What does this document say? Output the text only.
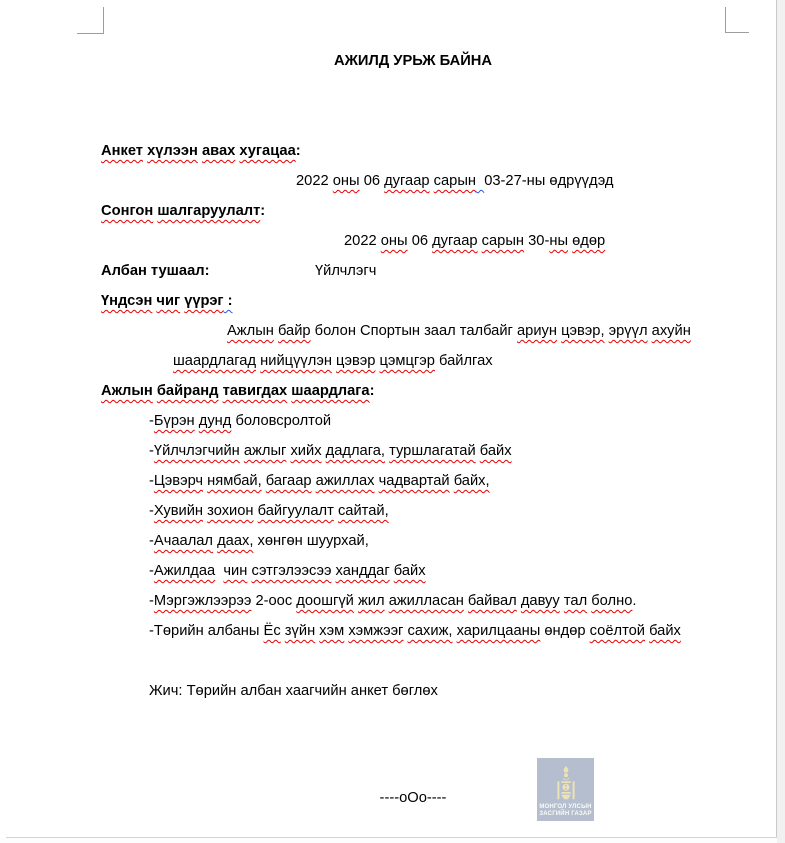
АЖИЛД УРЬЖ БАЙНА

Анкет хүлээн авах хугацаа:
2022 оны 06 дугаар сарын 03-27-ны өдрүүдэд
Сонгон шалгаруулалт:
2022 оны 06 дугаар сарын 30-ны өдөр
Албан тушаал:	Үйлчлэгч
Үндсэн чиг үүрэг :
Ажлын байр болон Спортын заал талбайг ариун цэвэр, эрүүл ахуйн
шаардлагад нийцүүлэн цэвэр цэмцгэр байлгах
Ажлын байранд тавигдах шаардлага:
-Бүрэн дунд боловсролтой
-Үйлчлэгчийн ажлыг хийх дадлага, туршлагатай байх
-Цэвэрч нямбай, багаар ажиллах чадвартай байх,
-Хувийн зохион байгуулалт сайтай,
-Ачаалал даах, хөнгөн шуурхай,
-Ажилдаа чин сэтгэлээсээ ханддаг байх
-Мэргэжлээрээ 2-оос доошгүй жил ажилласан байвал давуу тал болно.
-Төрийн албаны Ёс зүйн хэм хэмжээг сахиж, харилцааны өндөр соёлтой байх

Жич: Төрийн албан хаагчийн анкет бөглөх
----oOo----
МОНГОЛ УЛСЫН
ЗАСГИЙН ГАЗАР
